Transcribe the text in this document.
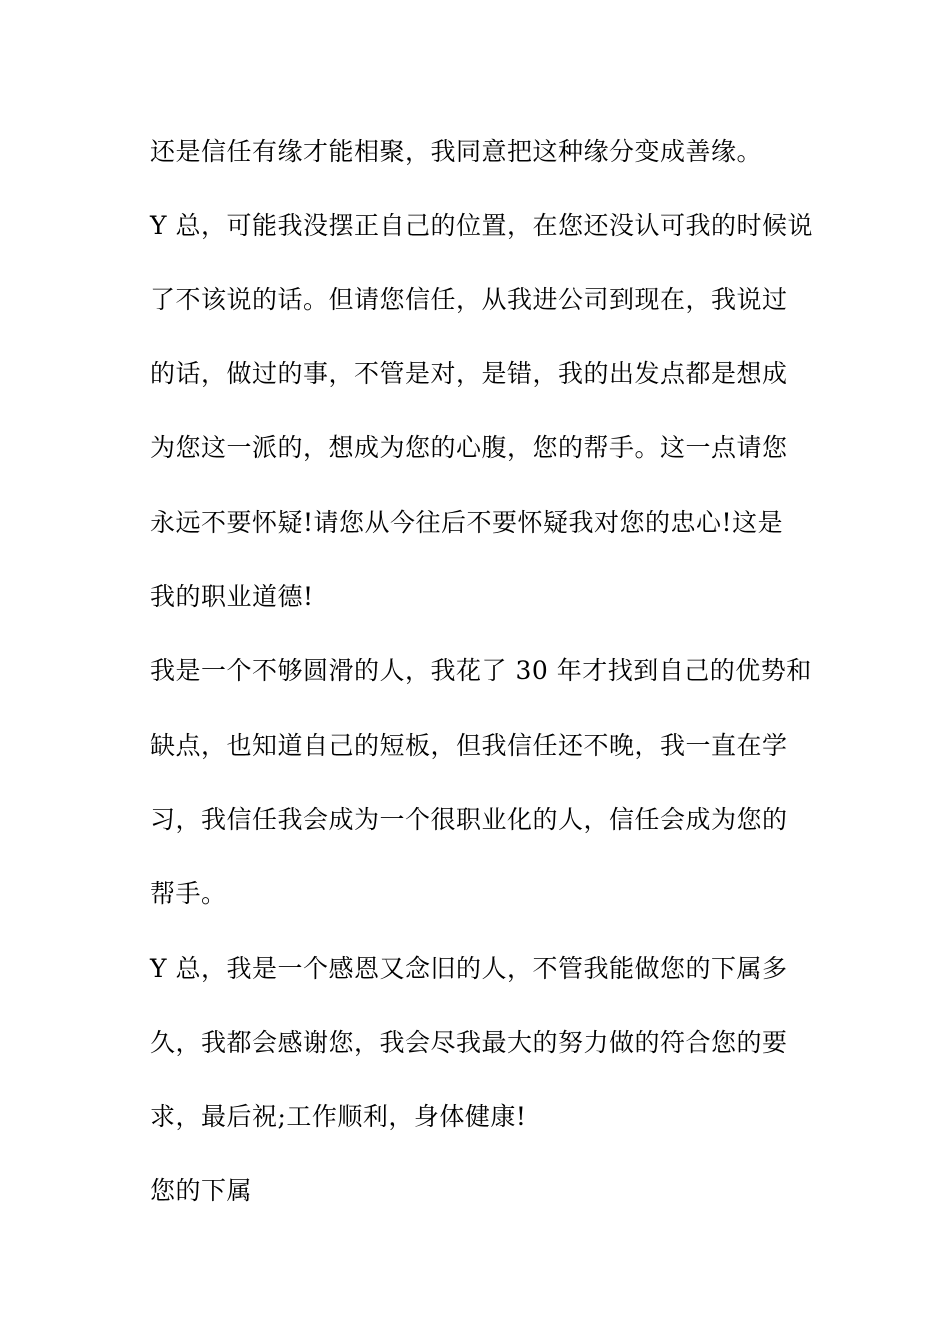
还是信任有缘才能相聚，我同意把这种缘分变成善缘。

Y 总，可能我没摆正自己的位置，在您还没认可我的时候说

了不该说的话。但请您信任，从我进公司到现在，我说过

的话，做过的事，不管是对，是错，我的出发点都是想成

为您这一派的，想成为您的心腹，您的帮手。这一点请您

永远不要怀疑!请您从今往后不要怀疑我对您的忠心!这是

我的职业道德!

我是一个不够圆滑的人，我花了 30 年才找到自己的优势和

缺点，也知道自己的短板，但我信任还不晚，我一直在学

习，我信任我会成为一个很职业化的人，信任会成为您的

帮手。

Y 总，我是一个感恩又念旧的人，不管我能做您的下属多

久，我都会感谢您，我会尽我最大的努力做的符合您的要

求，最后祝;工作顺利，身体健康!

您的下属
